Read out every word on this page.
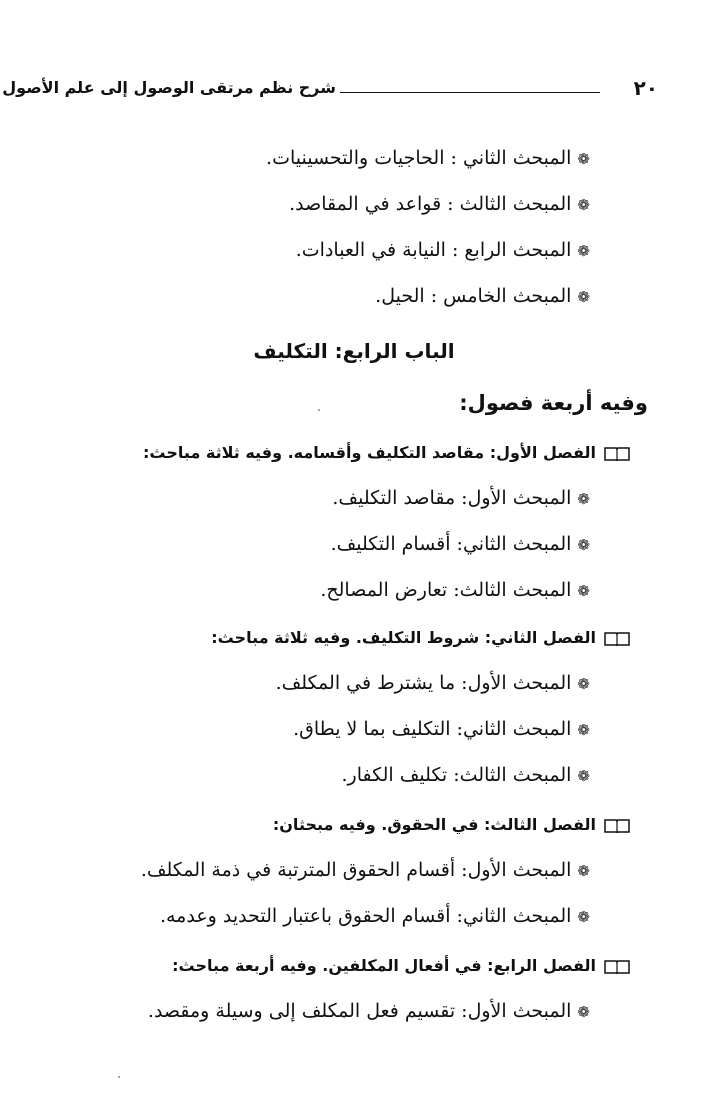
٢٠
شرح نظم مرتقى الوصول إلى علم الأصول
❁المبحث الثاني : الحاجيات والتحسينيات.
❁المبحث الثالث : قواعد في المقاصد.
❁المبحث الرابع : النيابة في العبادات.
❁المبحث الخامس : الحيل.
الباب الرابع: التكليف
وفيه أربعة فصول:
الفصل الأول: مقاصد التكليف وأقسامه. وفيه ثلاثة مباحث:
❁المبحث الأول: مقاصد التكليف.
❁المبحث الثاني: أقسام التكليف.
❁المبحث الثالث: تعارض المصالح.
الفصل الثاني: شروط التكليف. وفيه ثلاثة مباحث:
❁المبحث الأول: ما يشترط في المكلف.
❁المبحث الثاني: التكليف بما لا يطاق.
❁المبحث الثالث: تكليف الكفار.
الفصل الثالث: في الحقوق. وفيه مبحثان:
❁المبحث الأول: أقسام الحقوق المترتبة في ذمة المكلف.
❁المبحث الثاني: أقسام الحقوق باعتبار التحديد وعدمه.
الفصل الرابع: في أفعال المكلفين. وفيه أربعة مباحث:
❁المبحث الأول: تقسيم فعل المكلف إلى وسيلة ومقصد.
